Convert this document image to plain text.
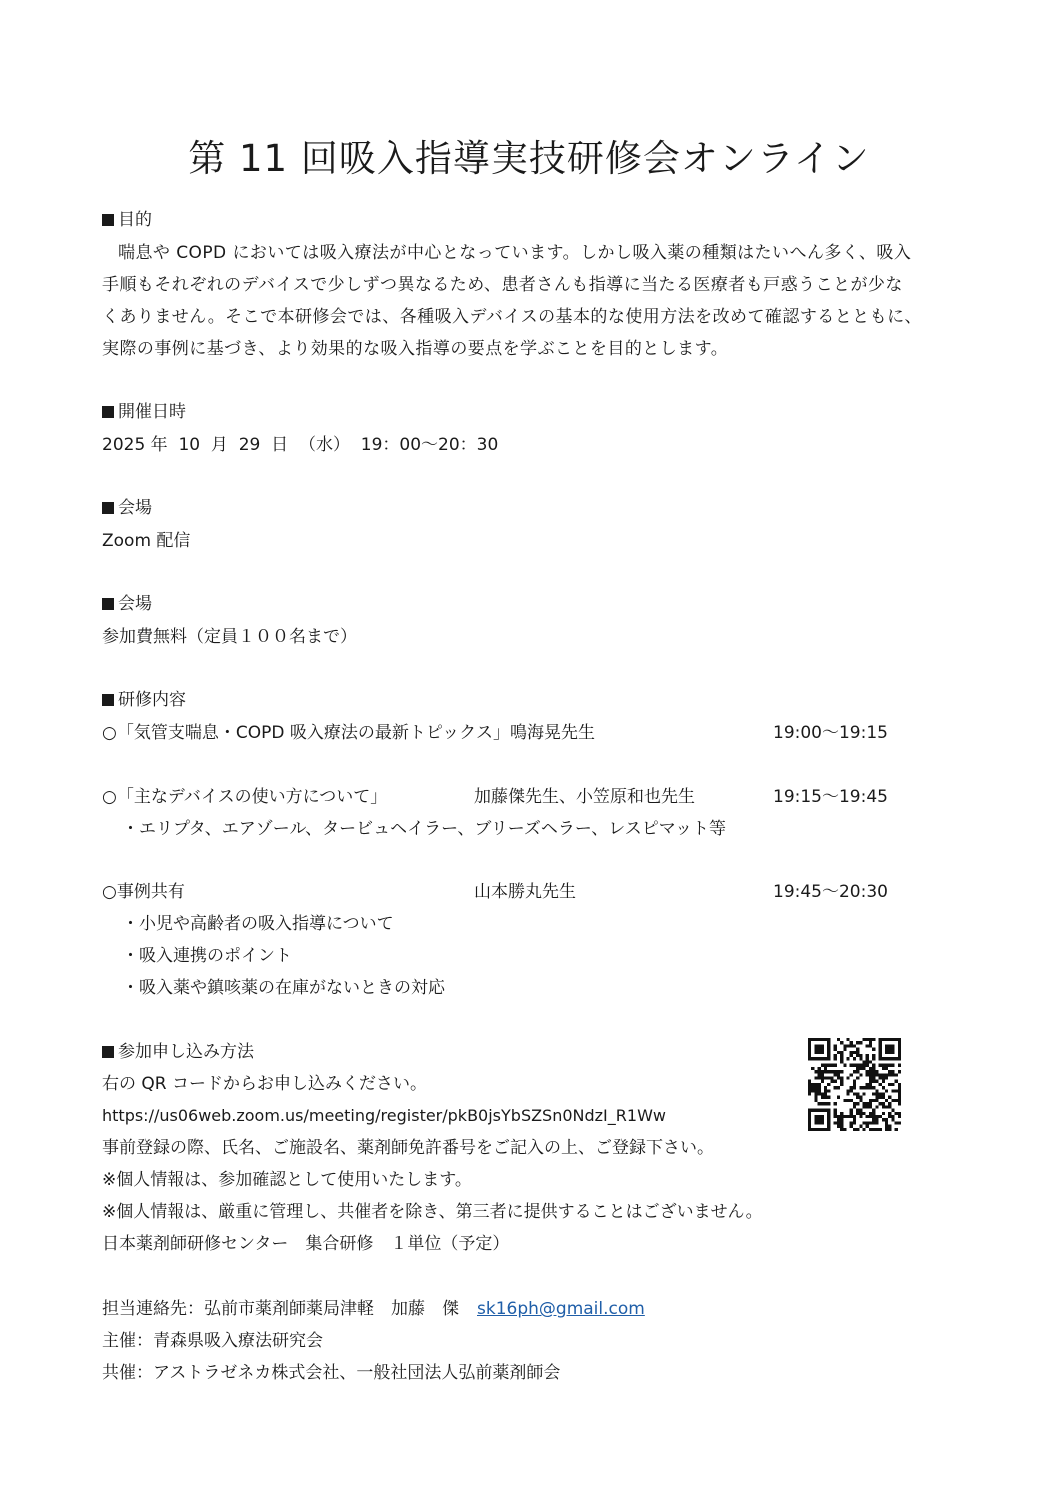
第 11 回吸入指導実技研修会オンライン
目的
喘息や COPD においては吸入療法が中心となっています。しかし吸入薬の種類はたいへん多く、吸入
手順もそれぞれのデバイスで少しずつ異なるため、患者さんも指導に当たる医療者も戸惑うことが少な
くありません。そこで本研修会では、各種吸入デバイスの基本的な使用方法を改めて確認するとともに、
実際の事例に基づき、より効果的な吸入指導の要点を学ぶことを目的とします。
開催日時
2025 年  10  月  29  日  （水）  19：00～20：30
会場
Zoom 配信
会場
参加費無料（定員１００名まで）
研修内容
○「気管支喘息・COPD 吸入療法の最新トピックス」鳴海晃先生	19:00～19:15
○「主なデバイスの使い方について」	加藤傑先生、小笠原和也先生	19:15～19:45
・エリプタ、エアゾール、タービュヘイラー、ブリーズヘラー、レスピマット等
○事例共有	山本勝丸先生	19:45～20:30
・小児や高齢者の吸入指導について
・吸入連携のポイント
・吸入薬や鎮咳薬の在庫がないときの対応
参加申し込み方法
右の QR コードからお申し込みください。
https://us06web.zoom.us/meeting/register/pkB0jsYbSZSn0NdzI_R1Ww
事前登録の際、氏名、ご施設名、薬剤師免許番号をご記入の上、ご登録下さい。
※個人情報は、参加確認として使用いたします。
※個人情報は、厳重に管理し、共催者を除き、第三者に提供することはございません。
日本薬剤師研修センター　集合研修　１単位（予定）
担当連絡先：弘前市薬剤師薬局津軽　加藤　傑 sk16ph@gmail.com
主催：青森県吸入療法研究会
共催：アストラゼネカ株式会社、一般社団法人弘前薬剤師会
